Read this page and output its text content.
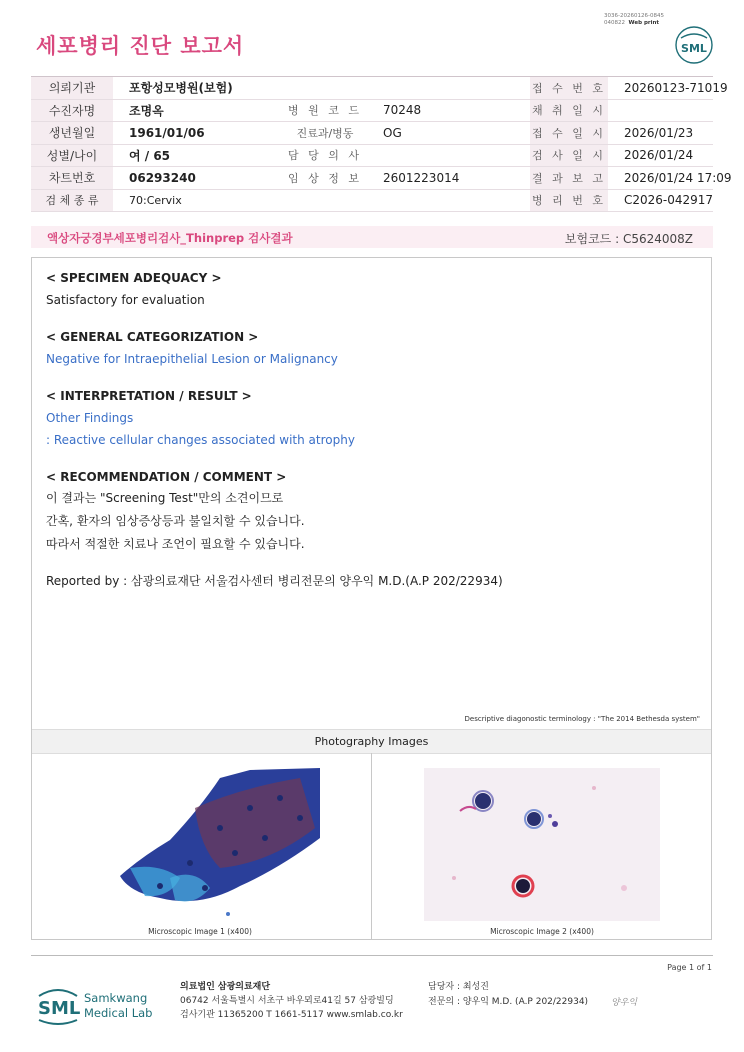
3036-20260126-0845
040822 Web print
세포병리 진단 보고서	SML
의뢰기관	포항성모병원(보험)			접 수 번 호	20260123-71019
수진자명	조명옥	병 원 코 드	70248	채 취 일 시	
생년월일	1961/01/06	진료과/병동	OG	접 수 일 시	2026/01/23
성별/나이	여 / 65	담 당 의 사		검 사 일 시	2026/01/24
차트번호	06293240	임 상 정 보	2601223014	결 과 보 고	2026/01/24 17:09
검 체 종 류	70:Cervix			병 리 번 호	C2026-042917
액상자궁경부세포병리검사_Thinprep 검사결과	보험코드 : C5624008Z
< SPECIMEN ADEQUACY >
Satisfactory for evaluation
< GENERAL CATEGORIZATION >
Negative for Intraepithelial Lesion or Malignancy
< INTERPRETATION / RESULT >
Other Findings
: Reactive cellular changes associated with atrophy
< RECOMMENDATION / COMMENT >
이 결과는 "Screening Test"만의 소견이므로
간혹, 환자의 임상증상등과 불일치할 수 있습니다.
따라서 적절한 치료나 조언이 필요할 수 있습니다.
Reported by : 삼광의료재단 서울검사센터 병리전문의 양우익 M.D.(A.P 202/22934)
Descriptive diagonostic terminology : "The 2014 Bethesda system"
Photography Images
Microscopic Image 1 (x400)	Microscopic Image 2 (x400)
Page 1 of 1
SML Samkwang
Medical Lab
의료법인 삼광의료재단
06742 서울특별시 서초구 바우뫼로41길 57 삼광빌딩
검사기관 11365200 T 1661-5117 www.smlab.co.kr
담당자 : 최성진
전문의 : 양우익 M.D. (A.P 202/22934)	양우익
